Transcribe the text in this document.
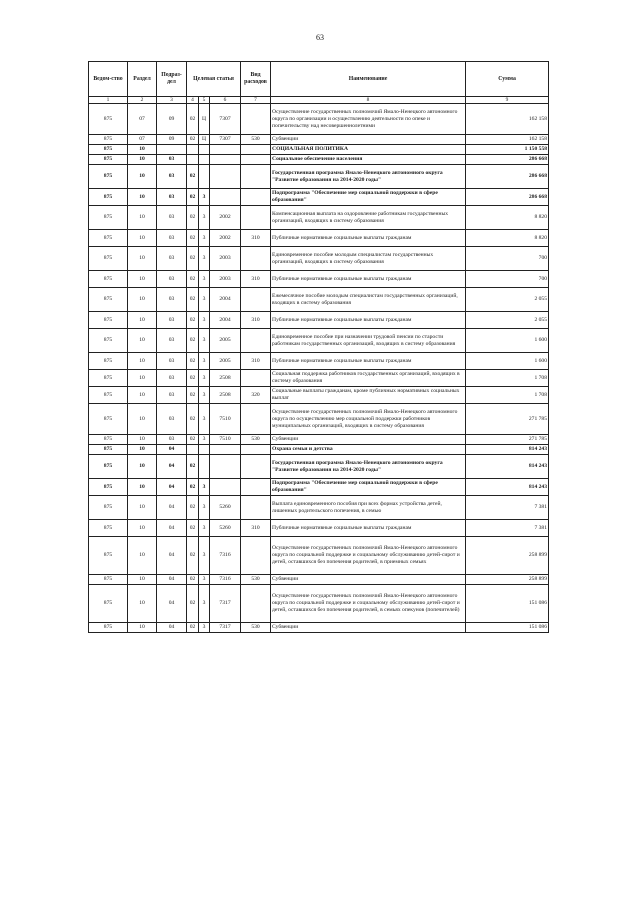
63
Ведом-ство	Раздел	Подраз-дел	Целевая статья			Вид расходов	Наименование	Сумма
1	2	3	4	5	6	7	8	9
875	07	09	02	Ц	7307		Осуществление государственных полномочий Ямало-Ненецкого автономного округа по организации и осуществлению деятельности по опеке и попечительству над несовершеннолетними	162 158
875	07	09	02	Ц	7307	530	Субвенции	162 158
875	10						СОЦИАЛЬНАЯ ПОЛИТИКА	1 150 558
875	10	03					Социальное обеспечение населения	286 668
875	10	03	02				Государственная программа Ямало-Ненецкого автономного округа "Развитие образования на 2014-2020 годы"	286 668
875	10	03	02	3			Подпрограмма "Обеспечение мер социальной поддержки в сфере образования"	286 668
875	10	03	02	3	2002		Компенсационная выплата на оздоровление работникам государственных организаций, входящих в систему образования	8 820
875	10	03	02	3	2002	310	Публичные нормативные социальные выплаты гражданам	8 820
875	10	03	02	3	2003		Единовременное пособие молодым специалистам государственных организаций, входящих в систему образования	700
875	10	03	02	3	2003	310	Публичные нормативные социальные выплаты гражданам	700
875	10	03	02	3	2004		Ежемесячное пособие молодым специалистам государственных организаций, входящих в систему образования	2 055
875	10	03	02	3	2004	310	Публичные нормативные социальные выплаты гражданам	2 055
875	10	03	02	3	2005		Единовременное пособие при назначении трудовой пенсии по старости работникам государственных организаций, входящих в систему образования	1 600
875	10	03	02	3	2005	310	Публичные нормативные социальные выплаты гражданам	1 600
875	10	03	02	3	2508		Социальная поддержка работников государственных организаций, входящих в систему образования	1 708
875	10	03	02	3	2508	320	Социальные выплаты гражданам, кроме публичных нормативных социальных выплат	1 708
875	10	03	02	3	7510		Осуществление государственных полномочий Ямало-Ненецкого автономного округа по осуществлению мер социальной поддержки работников муниципальных организаций, входящих в систему образования	271 785
875	10	03	02	3	7510	530	Субвенции	271 785
875	10	04					Охрана семьи и детства	814 243
875	10	04	02				Государственная программа Ямало-Ненецкого автономного округа "Развитие образования на 2014-2020 годы"	814 243
875	10	04	02	3			Подпрограмма "Обеспечение мер социальной поддержки в сфере образования"	814 243
875	10	04	02	3	5260		Выплата единовременного пособия при всех формах устройства детей, лишенных родительского попечения, в семью	7 381
875	10	04	02	3	5260	310	Публичные нормативные социальные выплаты гражданам	7 381
875	10	04	02	3	7316		Осуществление государственных полномочий Ямало-Ненецкого автономного округа по социальной поддержке и социальному обслуживанию детей-сирот и детей, оставшихся без попечения родителей, в приемных семьях	258 899
875	10	04	02	3	7316	530	Субвенции	258 899
875	10	04	02	3	7317		Осуществление государственных полномочий Ямало-Ненецкого автономного округа по социальной поддержке и социальному обслуживанию детей-сирот и детей, оставшихся без попечения родителей, в семьях опекунов (попечителей)	151 086
875	10	04	02	3	7317	530	Субвенции	151 086
